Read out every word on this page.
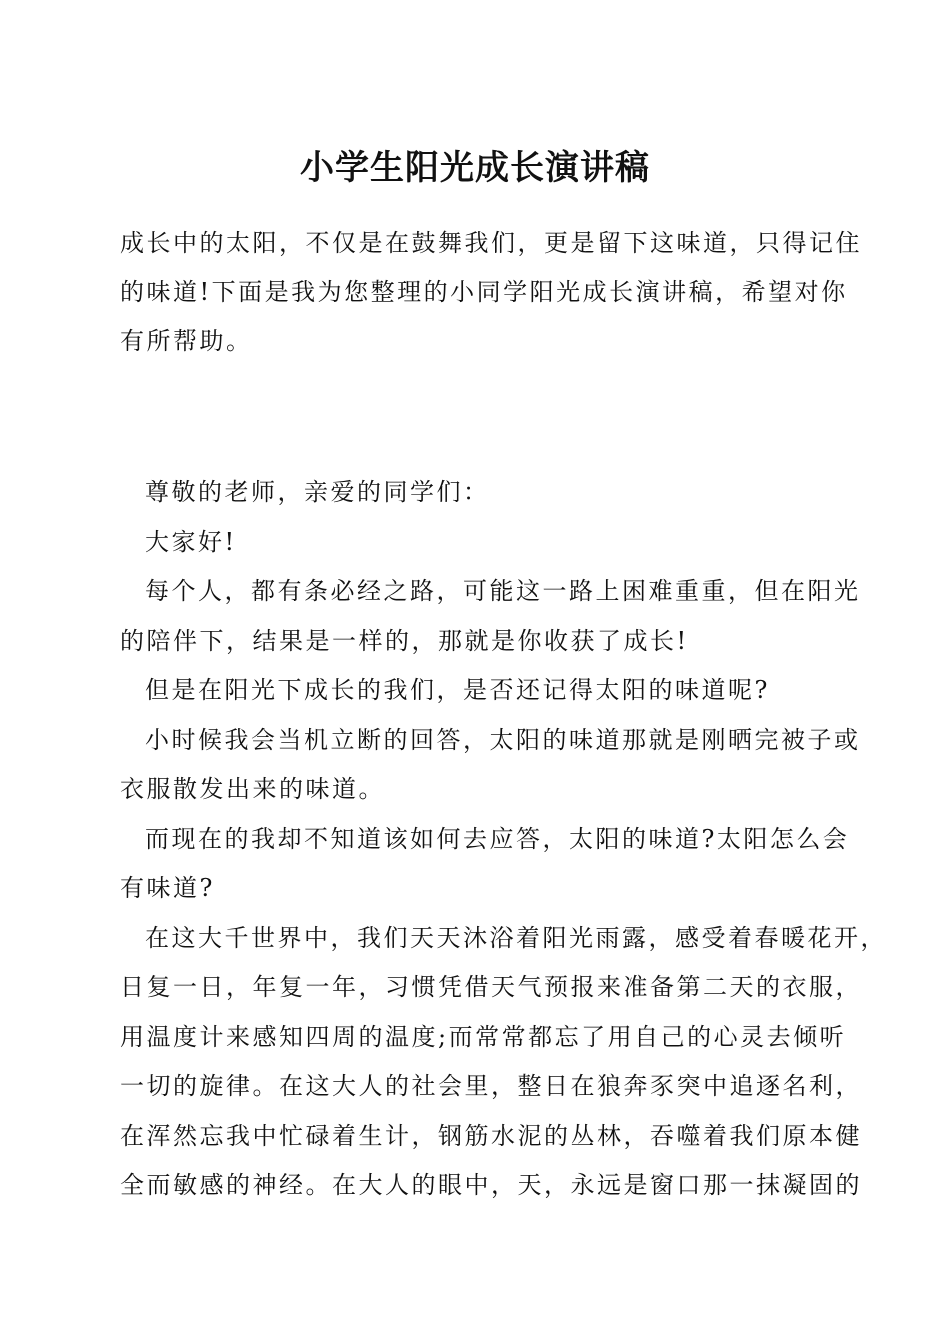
小学生阳光成长演讲稿
成长中的太阳，不仅是在鼓舞我们，更是留下这味道，只得记住
的味道!下面是我为您整理的小同学阳光成长演讲稿，希望对你
有所帮助。
尊敬的老师，亲爱的同学们：
大家好!
每个人，都有条必经之路，可能这一路上困难重重，但在阳光
的陪伴下，结果是一样的，那就是你收获了成长!
但是在阳光下成长的我们，是否还记得太阳的味道呢?
小时候我会当机立断的回答，太阳的味道那就是刚晒完被子或
衣服散发出来的味道。
而现在的我却不知道该如何去应答，太阳的味道?太阳怎么会
有味道?
在这大千世界中，我们天天沐浴着阳光雨露，感受着春暖花开，
日复一日，年复一年，习惯凭借天气预报来准备第二天的衣服，
用温度计来感知四周的温度;而常常都忘了用自己的心灵去倾听
一切的旋律。在这大人的社会里，整日在狼奔豕突中追逐名利，
在浑然忘我中忙碌着生计，钢筋水泥的丛林，吞噬着我们原本健
全而敏感的神经。在大人的眼中，天，永远是窗口那一抹凝固的
